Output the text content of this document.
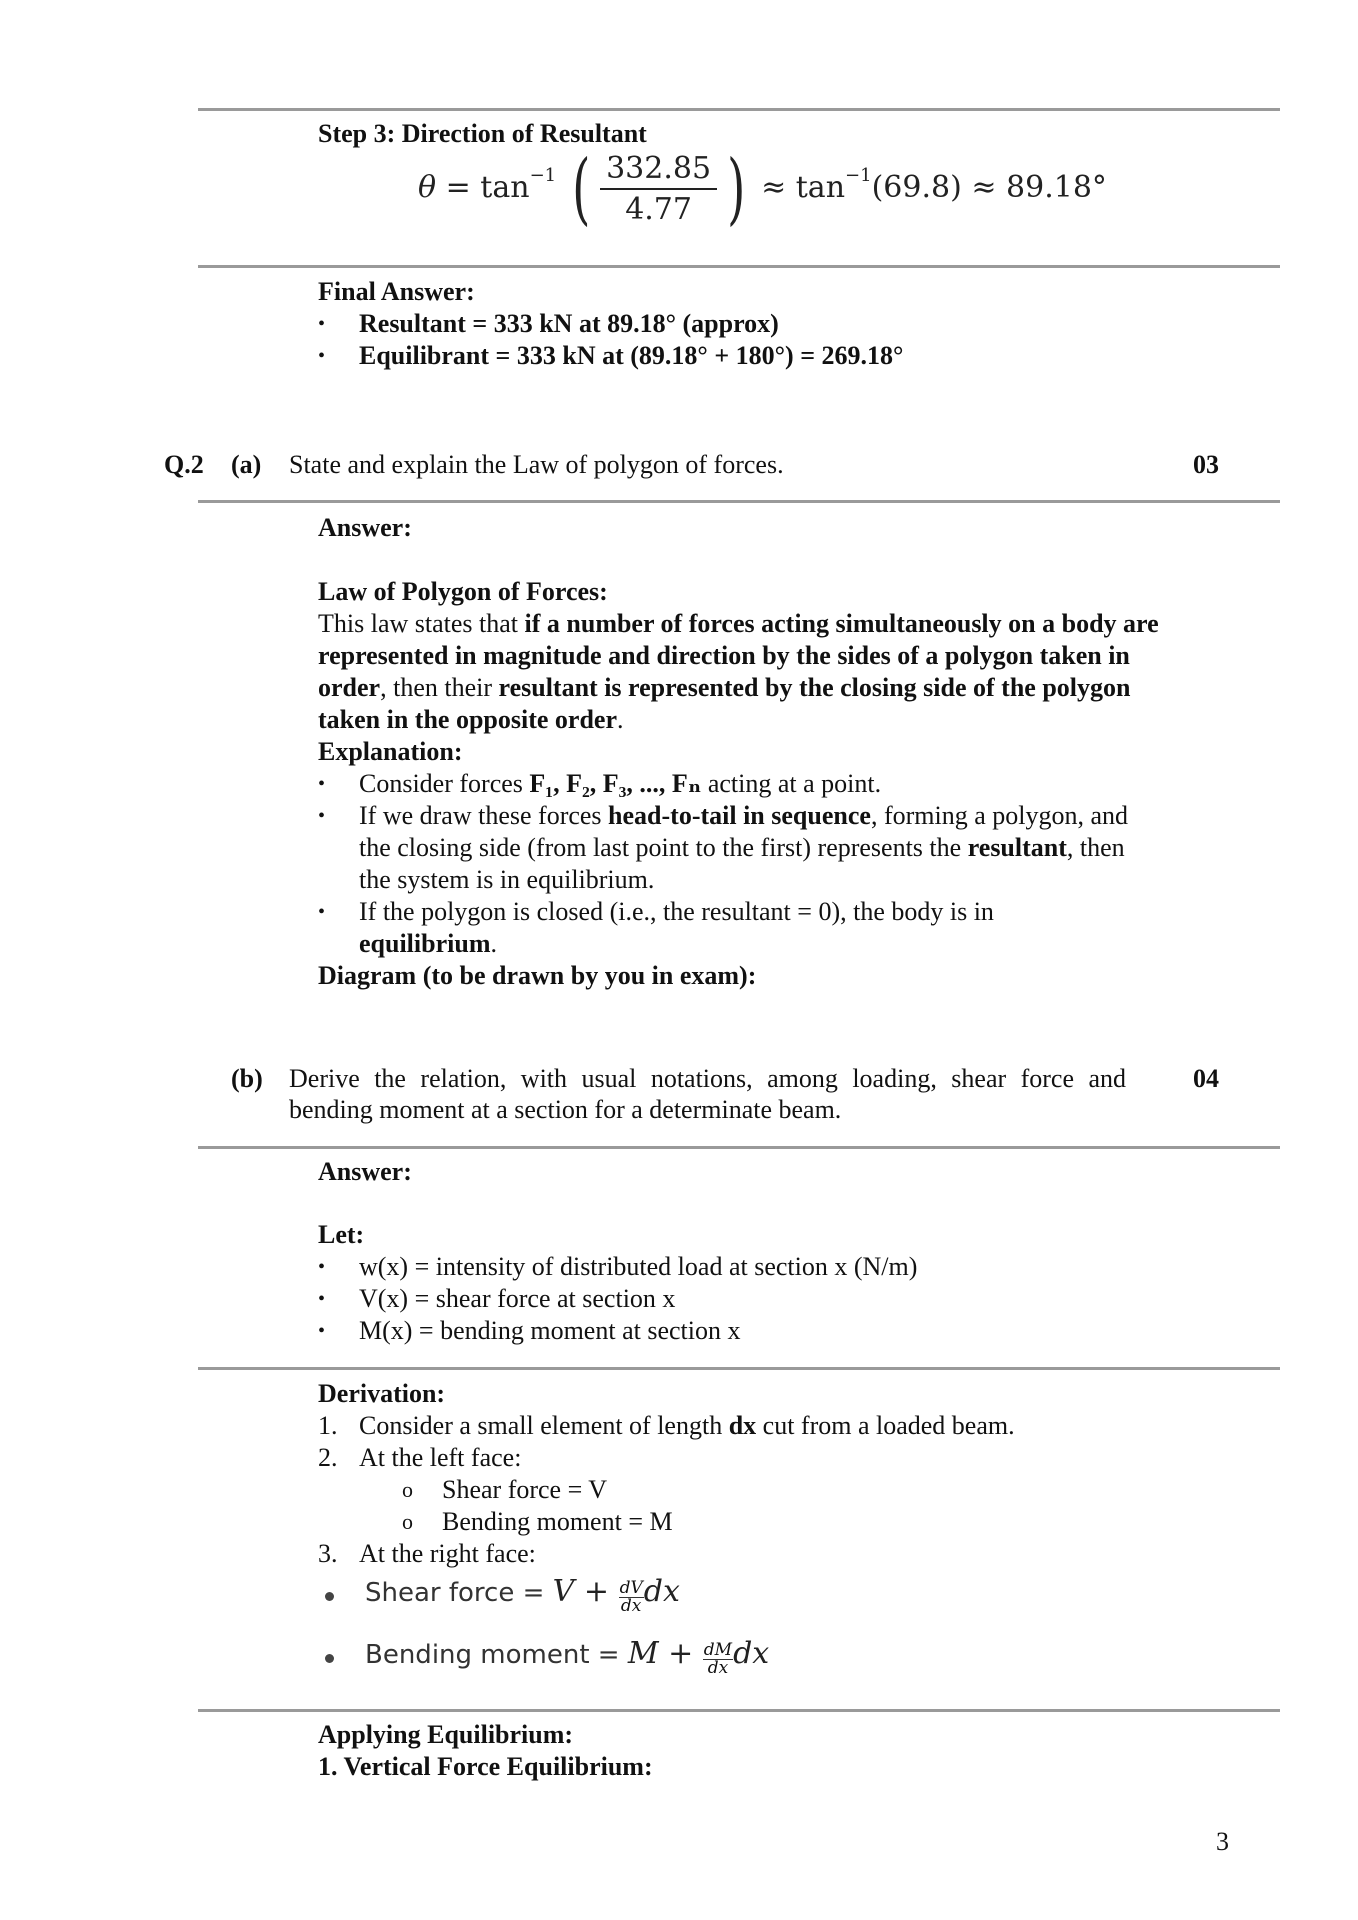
Step 3: Direction of Resultant
$\theta = \tan^{-1}$ ( $\frac{332.85}{4.77}$ ) ≈ $\tan^{-1}(69.8) \approx 89.18^\circ$
Final Answer:
• Resultant = 333 kN at 89.18° (approx)
• Equilibrant = 333 kN at (89.18° + 180°) = 269.18°
Q.2 (a) State and explain the Law of polygon of forces.	03
Answer:
Law of Polygon of Forces:
This law states that if a number of forces acting simultaneously on a body are represented in magnitude and direction by the sides of a polygon taken in order, then their resultant is represented by the closing side of the polygon taken in the opposite order.
Explanation:
• Consider forces F₁, F₂, F₃, ..., Fₙ acting at a point.
• If we draw these forces head-to-tail in sequence, forming a polygon, and the closing side (from last point to the first) represents the resultant, then the system is in equilibrium.
• If the polygon is closed (i.e., the resultant = 0), the body is in equilibrium.
Diagram (to be drawn by you in exam):
(b) Derive the relation, with usual notations, among loading, shear force and
bending moment at a section for a determinate beam.
04
Answer:
Let:
• w(x) = intensity of distributed load at section x (N/m)
• V(x) = shear force at section x
• M(x) = bending moment at section x
Derivation:
1. Consider a small element of length dx cut from a loaded beam.
2. At the left face:
o Shear force = V
o Bending moment = M
3. At the right face:
Shear force = $V + \frac{dV}{dx}$ dx
Bending moment = $M + \frac{dM}{dx}$ dx
Applying Equilibrium:
1. Vertical Force Equilibrium:
3
